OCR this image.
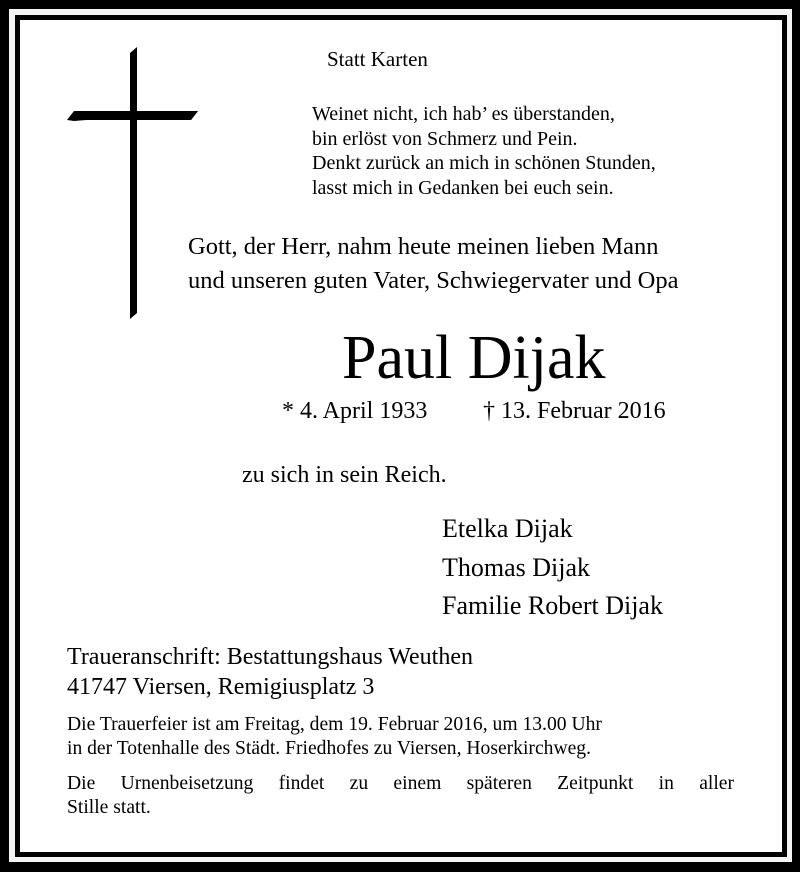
Statt Karten
Weinet nicht, ich hab’ es überstanden,
bin erlöst von Schmerz und Pein.
Denkt zurück an mich in schönen Stunden,
lasst mich in Gedanken bei euch sein.
Gott, der Herr, nahm heute meinen lieben Mann
und unseren guten Vater, Schwiegervater und Opa
Paul Dijak
* 4. April 1933 † 13. Februar 2016
zu sich in sein Reich.
Etelka Dijak
Thomas Dijak
Familie Robert Dijak
Traueranschrift: Bestattungshaus Weuthen
41747 Viersen, Remigiusplatz 3
Die Trauerfeier ist am Freitag, dem 19. Februar 2016, um 13.00 Uhr
in der Totenhalle des Städt. Friedhofes zu Viersen, Hoserkirchweg.
Die Urnenbeisetzung findet zu einem späteren Zeitpunkt in aller
Stille statt.
